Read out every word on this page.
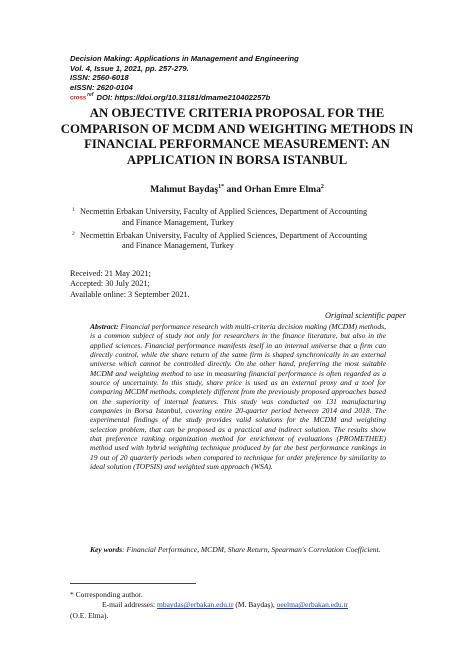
Decision Making: Applications in Management and Engineering
Vol. 4, Issue 1, 2021, pp. 257-279.
ISSN: 2560-6018
eISSN: 2620-0104
cross$^{ref}$ DOI: https://doi.org/10.31181/dmame210402257b
AN OBJECTIVE CRITERIA PROPOSAL FOR THE
COMPARISON OF MCDM AND WEIGHTING METHODS IN
FINANCIAL PERFORMANCE MEASUREMENT: AN
APPLICATION IN BORSA ISTANBUL
Mahmut Baydaş$^{1*}$ and Orhan Emre Elma$^2$
1 Necmettin Erbakan University, Faculty of Applied Sciences, Department of Accounting
and Finance Management, Turkey
2 Necmettin Erbakan University, Faculty of Applied Sciences, Department of Accounting
and Finance Management, Turkey
Received: 21 May 2021;
Accepted: 30 July 2021;
Available online: 3 September 2021.
Original scientific paper
Abstract: Financial performance research with multi-criteria decision making (MCDM) methods, is a common subject of study not only for researchers in the finance literature, but also in the applied sciences. Financial performance manifests itself in an internal universe that a firm can directly control, while the share return of the same firm is shaped synchronically in an external universe which cannot be controlled directly. On the other hand, preferring the most suitable MCDM and weighting method to use in measuring financial performance is often regarded as a source of uncertainty. In this study, share price is used as an external proxy and a tool for comparing MCDM methods, completely different from the previously proposed approaches based on the superiority of internal features. This study was conducted on 131 manufacturing companies in Borsa Istanbul, covering entire 20-quarter period between 2014 and 2018. The experimental findings of the study provides valid solutions for the MCDM and weighting selection problem, that can be proposed as a practical and indirect solution. The results show that preference ranking organization method for enrichment of evaluations (PROMETHEE) method used with hybrid weighting technique produced by far the best performance rankings in 19 out of 20 quarterly periods when compared to technique for order preference by similarity to ideal solution (TOPSIS) and weighted sum approach (WSA).
Key words: Financial Performance, MCDM, Share Return, Spearman's Correlation Coefficient.
* Corresponding author.
E-mail addresses: mbaydas@erbakan.edu.tr (M. Baydaş), oeelma@erbakan.edu.tr
(O.E. Elma).
